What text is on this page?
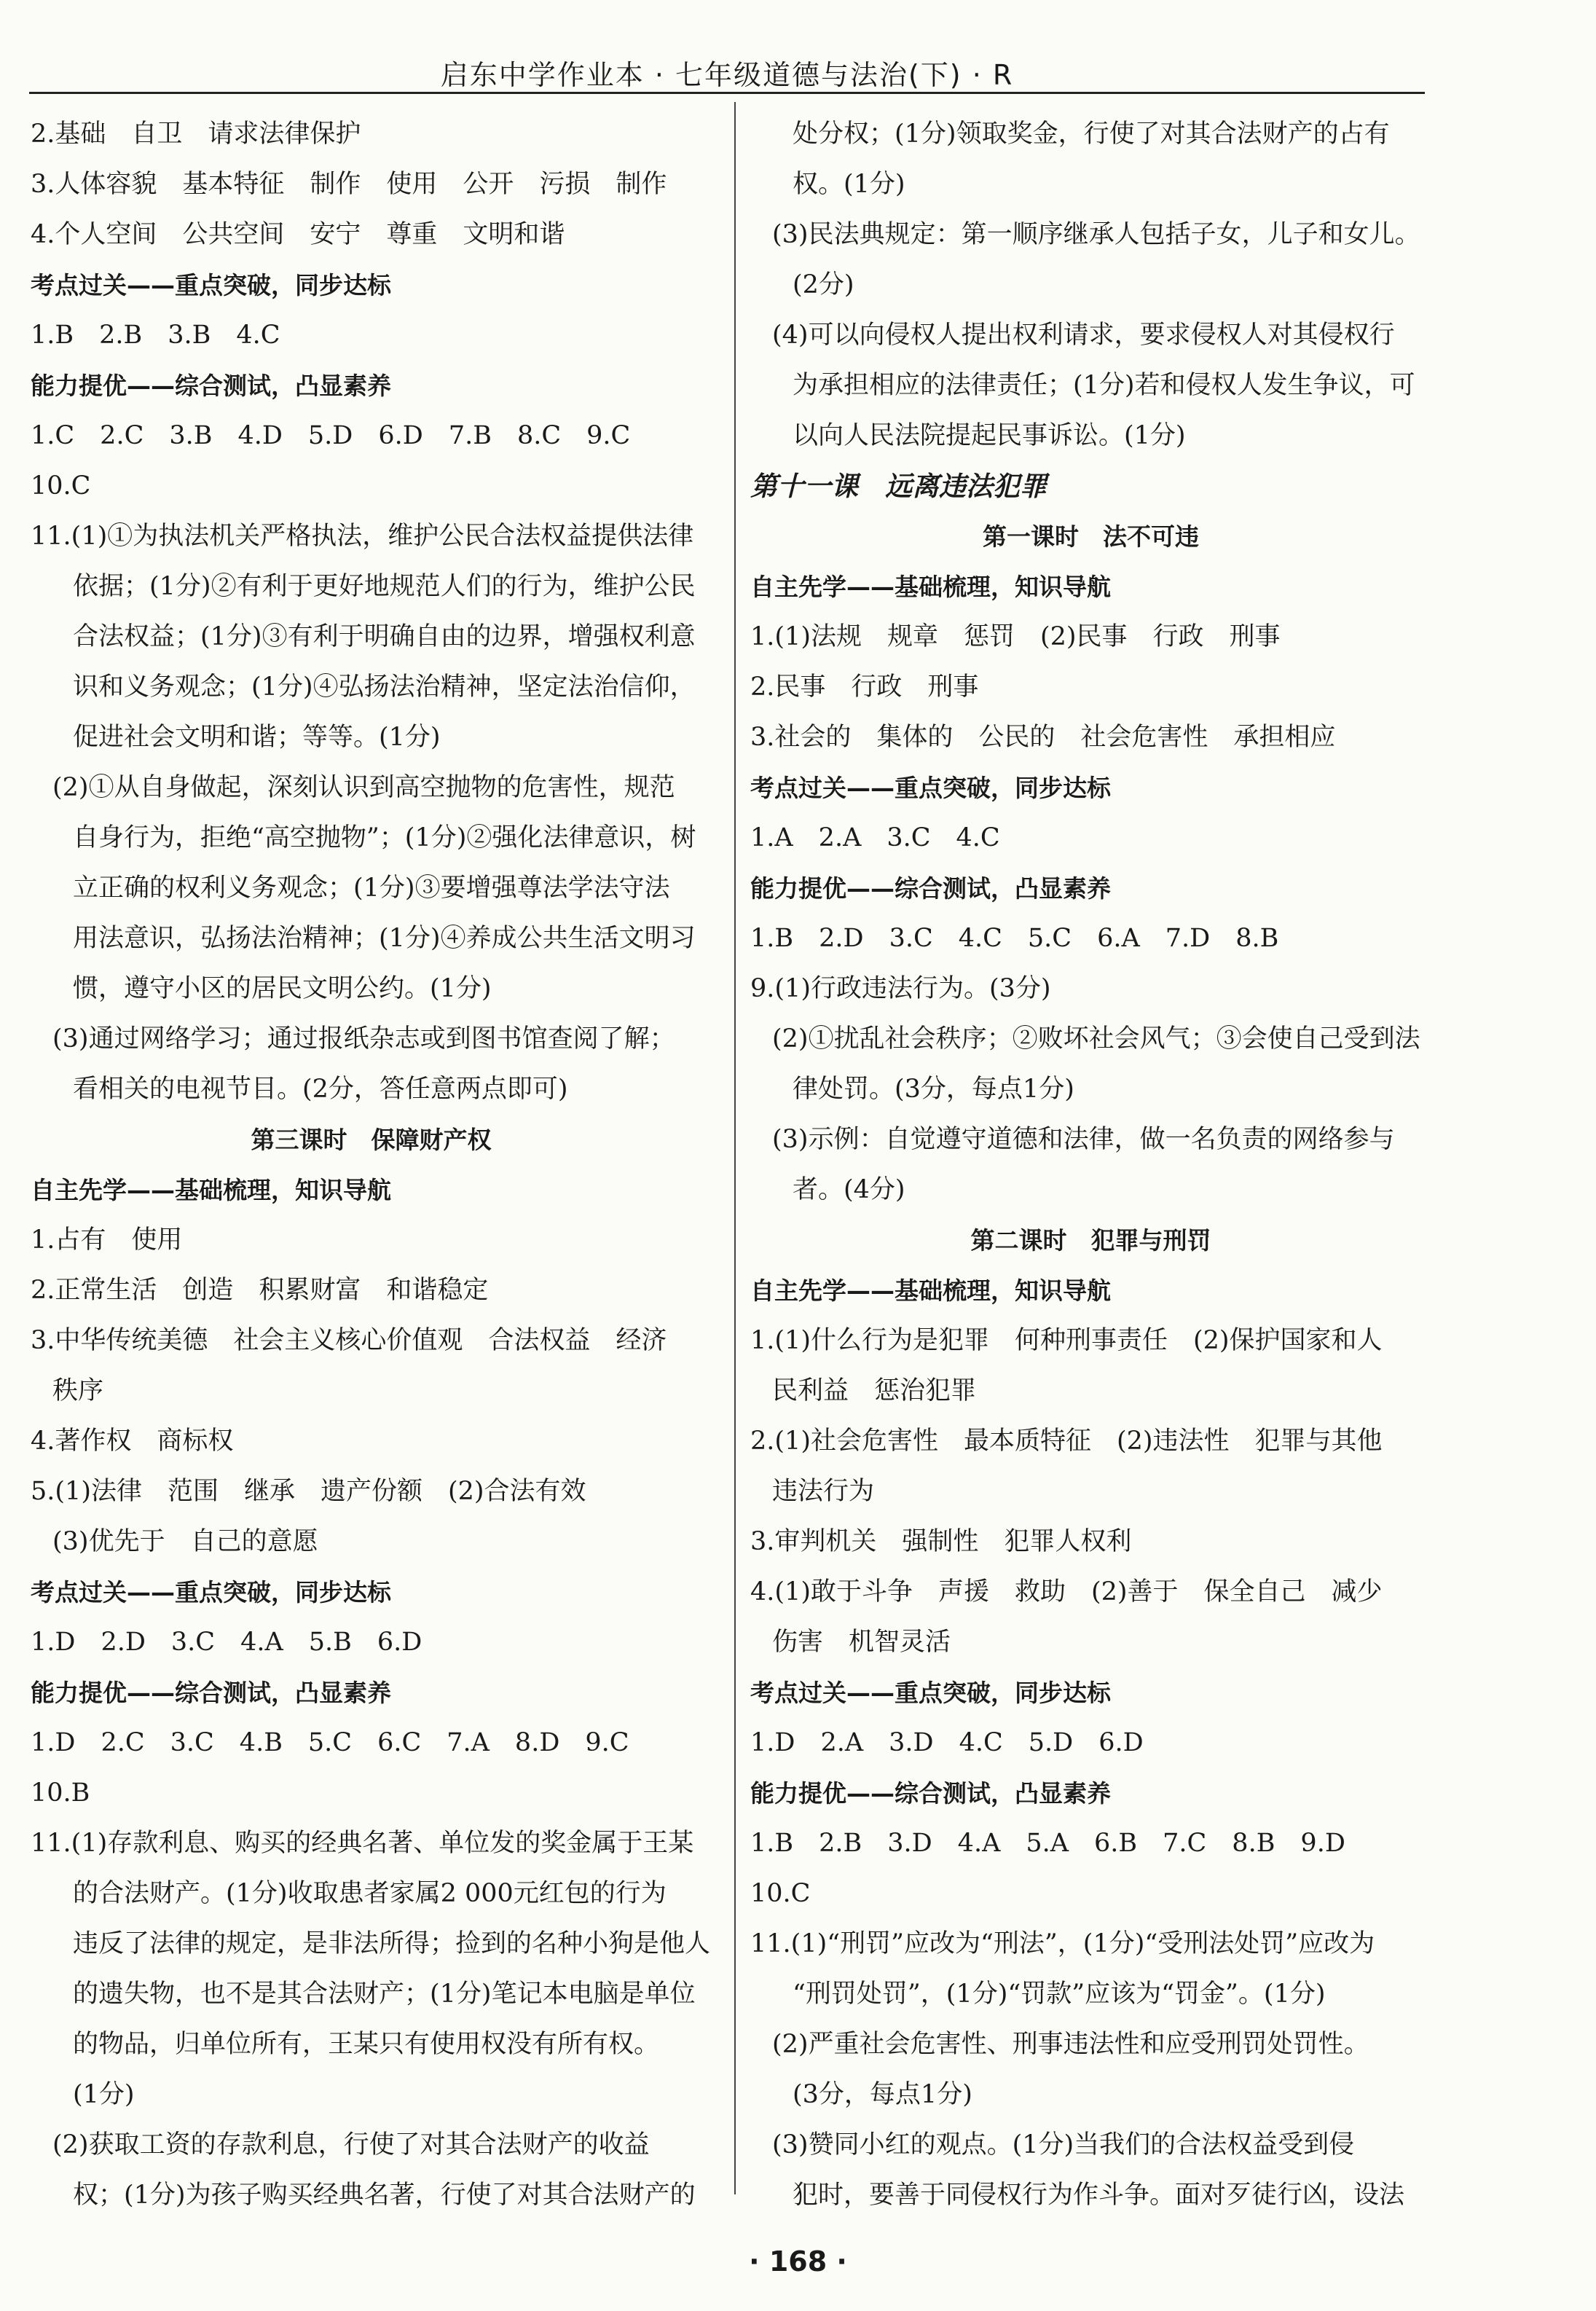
启东中学作业本 · 七年级道德与法治(下) · R
2.基础　自卫　请求法律保护
3.人体容貌　基本特征　制作　使用　公开　污损　制作
4.个人空间　公共空间　安宁　尊重　文明和谐
考点过关——重点突破，同步达标
1.B　2.B　3.B　4.C
能力提优——综合测试，凸显素养
1.C　2.C　3.B　4.D　5.D　6.D　7.B　8.C　9.C
10.C
11.(1)①为执法机关严格执法，维护公民合法权益提供法律
依据；(1分)②有利于更好地规范人们的行为，维护公民
合法权益；(1分)③有利于明确自由的边界，增强权利意
识和义务观念；(1分)④弘扬法治精神，坚定法治信仰，
促进社会文明和谐；等等。(1分)
(2)①从自身做起，深刻认识到高空抛物的危害性，规范
自身行为，拒绝“高空抛物”；(1分)②强化法律意识，树
立正确的权利义务观念；(1分)③要增强尊法学法守法
用法意识，弘扬法治精神；(1分)④养成公共生活文明习
惯，遵守小区的居民文明公约。(1分)
(3)通过网络学习；通过报纸杂志或到图书馆查阅了解；
看相关的电视节目。(2分，答任意两点即可)
第三课时　保障财产权
自主先学——基础梳理，知识导航
1.占有　使用
2.正常生活　创造　积累财富　和谐稳定
3.中华传统美德　社会主义核心价值观　合法权益　经济
秩序
4.著作权　商标权
5.(1)法律　范围　继承　遗产份额　(2)合法有效
(3)优先于　自己的意愿
考点过关——重点突破，同步达标
1.D　2.D　3.C　4.A　5.B　6.D
能力提优——综合测试，凸显素养
1.D　2.C　3.C　4.B　5.C　6.C　7.A　8.D　9.C
10.B
11.(1)存款利息、购买的经典名著、单位发的奖金属于王某
的合法财产。(1分)收取患者家属2 000元红包的行为
违反了法律的规定，是非法所得；捡到的名种小狗是他人
的遗失物，也不是其合法财产；(1分)笔记本电脑是单位
的物品，归单位所有，王某只有使用权没有所有权。
(1分)
(2)获取工资的存款利息，行使了对其合法财产的收益
权；(1分)为孩子购买经典名著，行使了对其合法财产的
处分权；(1分)领取奖金，行使了对其合法财产的占有
权。(1分)
(3)民法典规定：第一顺序继承人包括子女，儿子和女儿。
(2分)
(4)可以向侵权人提出权利请求，要求侵权人对其侵权行
为承担相应的法律责任；(1分)若和侵权人发生争议，可
以向人民法院提起民事诉讼。(1分)
第十一课　远离违法犯罪
第一课时　法不可违
自主先学——基础梳理，知识导航
1.(1)法规　规章　惩罚　(2)民事　行政　刑事
2.民事　行政　刑事
3.社会的　集体的　公民的　社会危害性　承担相应
考点过关——重点突破，同步达标
1.A　2.A　3.C　4.C
能力提优——综合测试，凸显素养
1.B　2.D　3.C　4.C　5.C　6.A　7.D　8.B
9.(1)行政违法行为。(3分)
(2)①扰乱社会秩序；②败坏社会风气；③会使自己受到法
律处罚。(3分，每点1分)
(3)示例：自觉遵守道德和法律，做一名负责的网络参与
者。(4分)
第二课时　犯罪与刑罚
自主先学——基础梳理，知识导航
1.(1)什么行为是犯罪　何种刑事责任　(2)保护国家和人
民利益　惩治犯罪
2.(1)社会危害性　最本质特征　(2)违法性　犯罪与其他
违法行为
3.审判机关　强制性　犯罪人权利
4.(1)敢于斗争　声援　救助　(2)善于　保全自己　减少
伤害　机智灵活
考点过关——重点突破，同步达标
1.D　2.A　3.D　4.C　5.D　6.D
能力提优——综合测试，凸显素养
1.B　2.B　3.D　4.A　5.A　6.B　7.C　8.B　9.D
10.C
11.(1)“刑罚”应改为“刑法”，(1分)“受刑法处罚”应改为
“刑罚处罚”，(1分)“罚款”应该为“罚金”。(1分)
(2)严重社会危害性、刑事违法性和应受刑罚处罚性。
(3分，每点1分)
(3)赞同小红的观点。(1分)当我们的合法权益受到侵
犯时，要善于同侵权行为作斗争。面对歹徒行凶，设法
· 168 ·
